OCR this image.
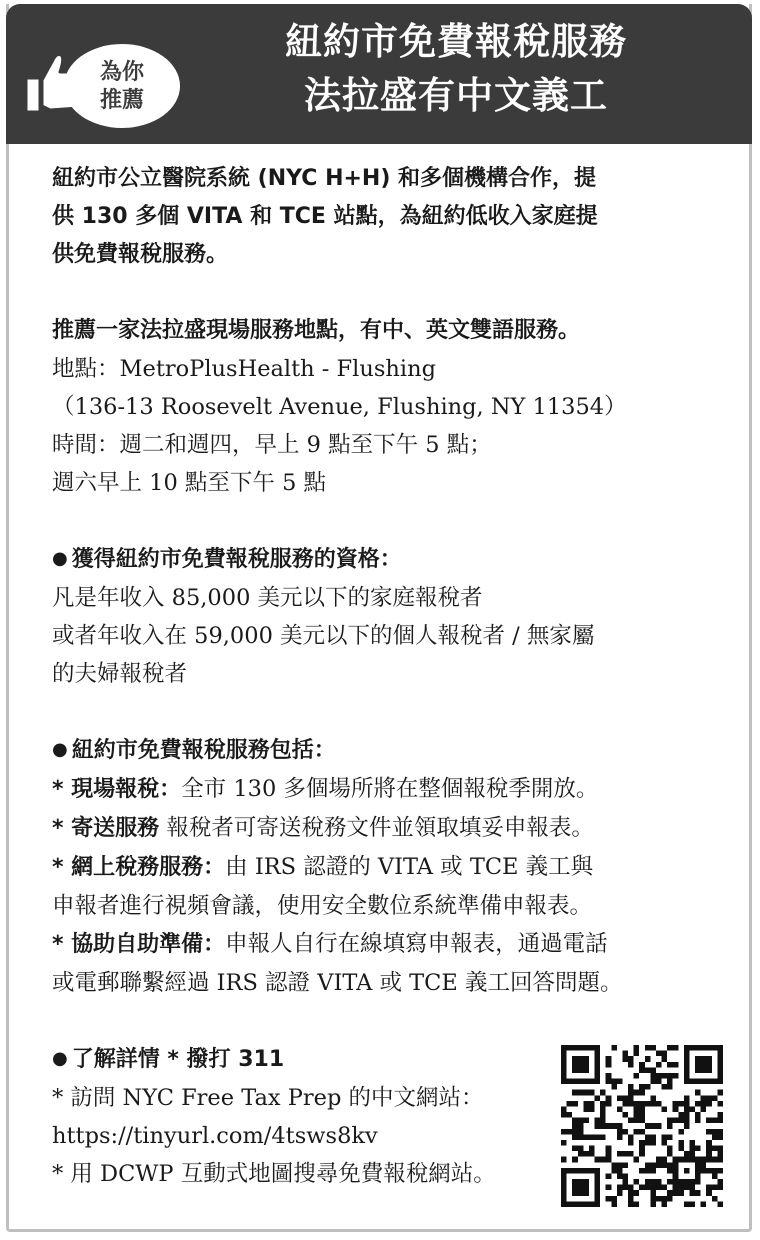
為你
推薦
紐約市免費報稅服務
法拉盛有中文義工

紐約市公立醫院系統 (NYC H+H) 和多個機構合作，提

供 130 多個 VITA 和 TCE 站點，為紐約低收入家庭提

供免費報稅服務。

推薦一家法拉盛現場服務地點，有中、英文雙語服務。

地點：MetroPlusHealth - Flushing

（136-13 Roosevelt Avenue, Flushing, NY 11354）

時間：週二和週四，早上 9 點至下午 5 點；

週六早上 10 點至下午 5 點

● 獲得紐約市免費報稅服務的資格：

凡是年收入 85,000 美元以下的家庭報稅者

或者年收入在 59,000 美元以下的個人報稅者 / 無家屬

的夫婦報稅者

● 紐約市免費報稅服務包括：

* 現場報稅：全市 130 多個場所將在整個報稅季開放。

* 寄送服務 報稅者可寄送稅務文件並領取填妥申報表。

* 網上稅務服務：由 IRS 認證的 VITA 或 TCE 義工與

申報者進行視頻會議，使用安全數位系統準備申報表。

* 協助自助準備：申報人自行在線填寫申報表，通過電話

或電郵聯繫經過 IRS 認證 VITA 或 TCE 義工回答問題。

● 了解詳情 * 撥打 311

* 訪問 NYC Free Tax Prep 的中文網站：

https://tinyurl.com/4tsws8kv

* 用 DCWP 互動式地圖搜尋免費報稅網站。
